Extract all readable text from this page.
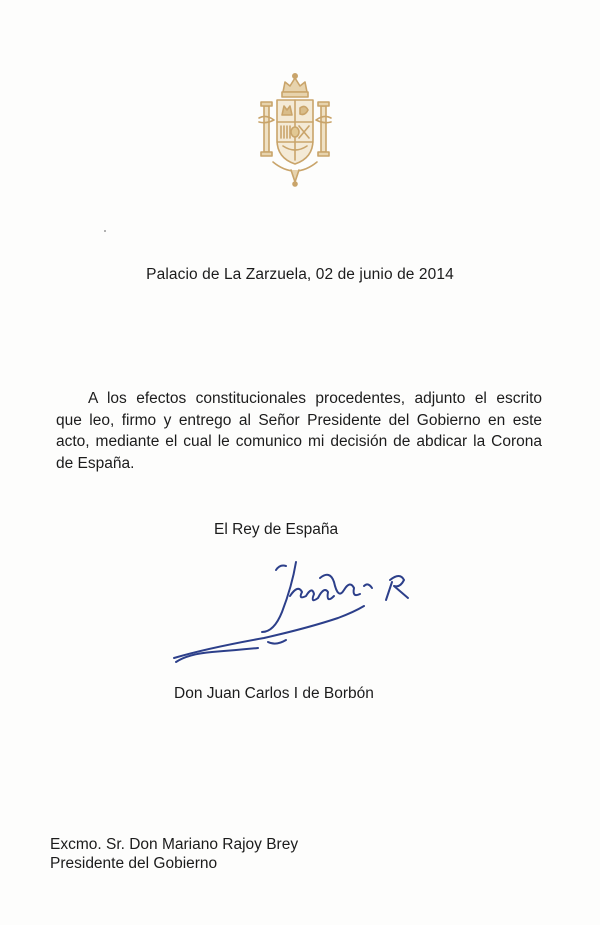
Palacio de La Zarzuela, 02 de junio de 2014
A los efectos constitucionales procedentes, adjunto el escrito
que leo, firmo y entrego al Señor Presidente del Gobierno en este
acto, mediante el cual le comunico mi decisión de abdicar la Corona
de España.
El Rey de España
Don Juan Carlos I de Borbón
Excmo. Sr. Don Mariano Rajoy Brey
Presidente del Gobierno
